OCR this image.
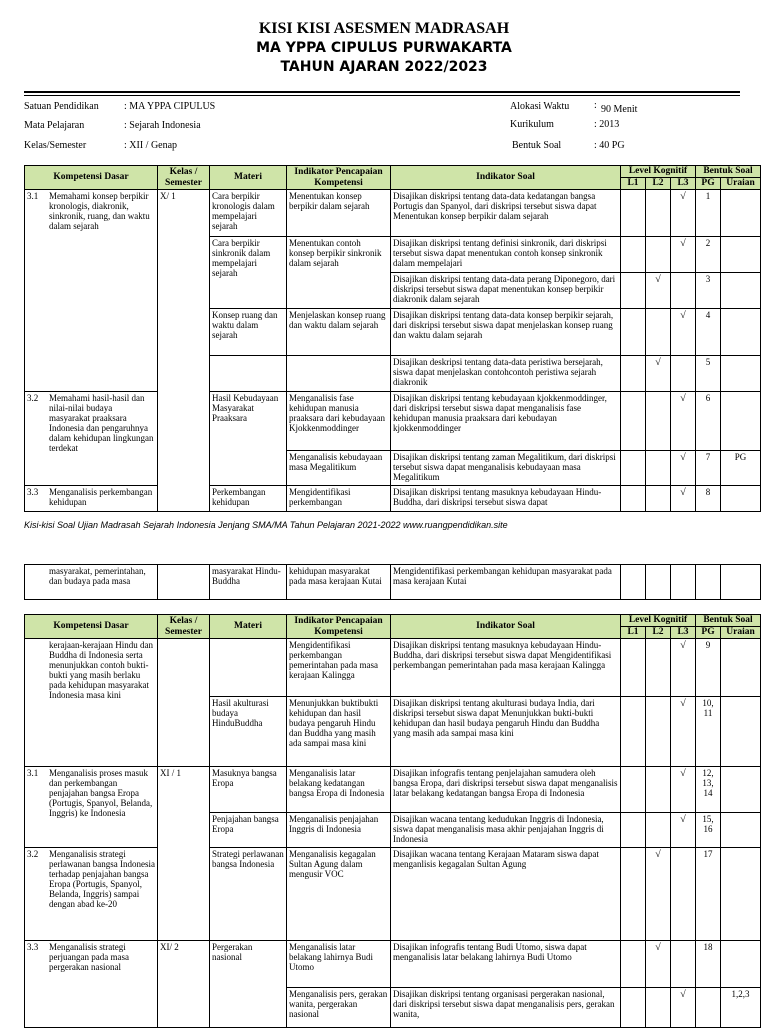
KISI KISI ASESMEN MADRASAH
MA YPPA CIPULUS PURWAKARTA
TAHUN AJARAN 2022/2023
Satuan Pendidikan	: MA YPPA CIPULUS
Mata Pelajaran	: Sejarah Indonesia
Kelas/Semester	: XII / Genap
Alokasi Waktu : 90 Menit
Kurikulum	: 2013
Bentuk Soal	: 40 PG
Kompetensi Dasar	Kelas / Semester	Materi	Indikator Pencapaian Kompetensi	Indikator Soal	Level Kognitif			Bentuk Soal	
					L1	L2	L3	PG	Uraian

3.1 Memahami konsep berpikir kronologis, diakronik, sinkronik, ruang, dan waktu dalam sejarah	X/ 1	Cara berpikir kronologis dalam mempelajari sejarah	Menentukan konsep berpikir dalam sejarah	Disajikan diskripsi tentang data-data kedatangan bangsa Portugis dan Spanyol, dari diskripsi tersebut siswa dapat Menentukan konsep berpikir dalam sejarah			√	1	
		Cara berpikir sinkronik dalam mempelajari sejarah	Menentukan contoh konsep berpikir sinkronik dalam sejarah	Disajikan diskripsi tentang definisi sinkronik, dari diskripsi tersebut siswa dapat menentukan contoh konsep sinkronik dalam mempelajari			√	2	
				Disajikan diskripsi tentang data-data perang Diponegoro, dari diskripsi tersebut siswa dapat menentukan konsep berpikir diakronik dalam sejarah		√		3	
		Konsep ruang dan waktu dalam sejarah	Menjelaskan konsep ruang dan waktu dalam sejarah	Disajikan diskripsi tentang data-data konsep berpikir sejarah, dari diskripsi tersebut siswa dapat menjelaskan konsep ruang dan waktu dalam sejarah			√	4	
				Disajikan deskripsi tentang data-data peristiwa bersejarah, siswa dapat menjelaskan contohcontoh peristiwa sejarah diakronik		√		5	

3.2 Memahami hasil-hasil dan nilai-nilai budaya masyarakat praaksara Indonesia dan pengaruhnya dalam kehidupan lingkungan terdekat		Hasil Kebudayaan Masyarakat Praaksara	Menganalisis fase kehidupan manusia praaksara dari kebudayaan Kjokkenmoddinger	Disajikan diskripsi tentang kebudayaan kjokkenmoddinger, dari diskripsi tersebut siswa dapat menganalisis fase kehidupan manusia praaksara dari kebudayan kjokkenmoddinger			√	6	
			Menganalisis kebudayaan masa Megalitikum	Disajikan diskripsi tentang zaman Megalitikum, dari diskripsi tersebut siswa dapat menganalisis kebudayaan masa Megalitikum			√	7	PG

3.3 Menganalisis perkembangan kehidupan		Perkembangan kehidupan	Mengidentifikasi perkembangan	Disajikan diskripsi tentang masuknya kebudayaan Hindu-Buddha, dari diskripsi tersebut siswa dapat			√	8	
Kisi-kisi Soal Ujian Madrasah Sejarah Indonesia Jenjang SMA/MA Tahun Pelajaran 2021-2022 www.ruangpendidikan.site
masyarakat, pemerintahan, dan budaya pada masa		masyarakat Hindu-Buddha	kehidupan masyarakat pada masa kerajaan Kutai	Mengidentifikasi perkembangan kehidupan masyarakat pada masa kerajaan Kutai					
Kompetensi Dasar	Kelas / Semester	Materi	Indikator Pencapaian Kompetensi	Indikator Soal	Level Kognitif			Bentuk Soal	
					L1	L2	L3	PG	Uraian
kerajaan-kerajaan Hindu dan Buddha di Indonesia serta menunjukkan contoh bukti-bukti yang masih berlaku pada kehidupan masyarakat Indonesia masa kini			Mengidentifikasi perkembangan pemerintahan pada masa kerajaan Kalingga	Disajikan diskripsi tentang masuknya kebudayaan Hindu-Buddha, dari diskripsi tersebut siswa dapat Mengidentifikasi perkembangan pemerintahan pada masa kerajaan Kalingga			√	9	
		Hasil akulturasi budaya HinduBuddha	Menunjukkan buktibukti kehidupan dan hasil budaya pengaruh Hindu dan Buddha yang masih ada sampai masa kini	Disajikan diskripsi tentang akulturasi budaya India, dari diskripsi tersebut siswa dapat Menunjukkan bukti-bukti kehidupan dan hasil budaya pengaruh Hindu dan Buddha yang masih ada sampai masa kini			√	10, 11	

3.1 Menganalisis proses masuk dan perkembangan penjajahan bangsa Eropa (Portugis, Spanyol, Belanda, Inggris) ke Indonesia	XI / 1	Masuknya bangsa Eropa	Menganalisis latar belakang kedatangan bangsa Eropa di Indonesia	Disajikan infografis tentang penjelajahan samudera oleh bangsa Eropa, dari diskripsi tersebut siswa dapat menganalisis latar belakang kedatangan bangsa Eropa di Indonesia			√	12, 13, 14	
		Penjajahan bangsa Eropa	Menganalisis penjajahan Inggris di Indonesia	Disajikan wacana tentang kedudukan Inggris di Indonesia, siswa dapat menganalisis masa akhir penjajahan Inggris di Indonesia			√	15, 16	

3.2 Menganalisis strategi perlawanan bangsa Indonesia terhadap penjajahan bangsa Eropa (Portugis, Spanyol, Belanda, Inggris) sampai dengan abad ke-20		Strategi perlawanan bangsa Indonesia	Menganalisis kegagalan Sultan Agung dalam mengusir VOC	Disajikan wacana tentang Kerajaan Mataram siswa dapat menganlisis kegagalan Sultan Agung		√		17	

3.3 Menganalisis strategi perjuangan pada masa pergerakan nasional	XI/ 2	Pergerakan nasional	Menganalisis latar belakang lahirnya Budi Utomo	Disajikan infografis tentang Budi Utomo, siswa dapat menganalisis latar belakang lahirnya Budi Utomo		√		18	
			Menganalisis pers, gerakan wanita, pergerakan nasional	Disajikan diskripsi tentang organisasi pergerakan nasional, dari diskripsi tersebut siswa dapat menganalisis pers, gerakan wanita,			√		1,2,3
